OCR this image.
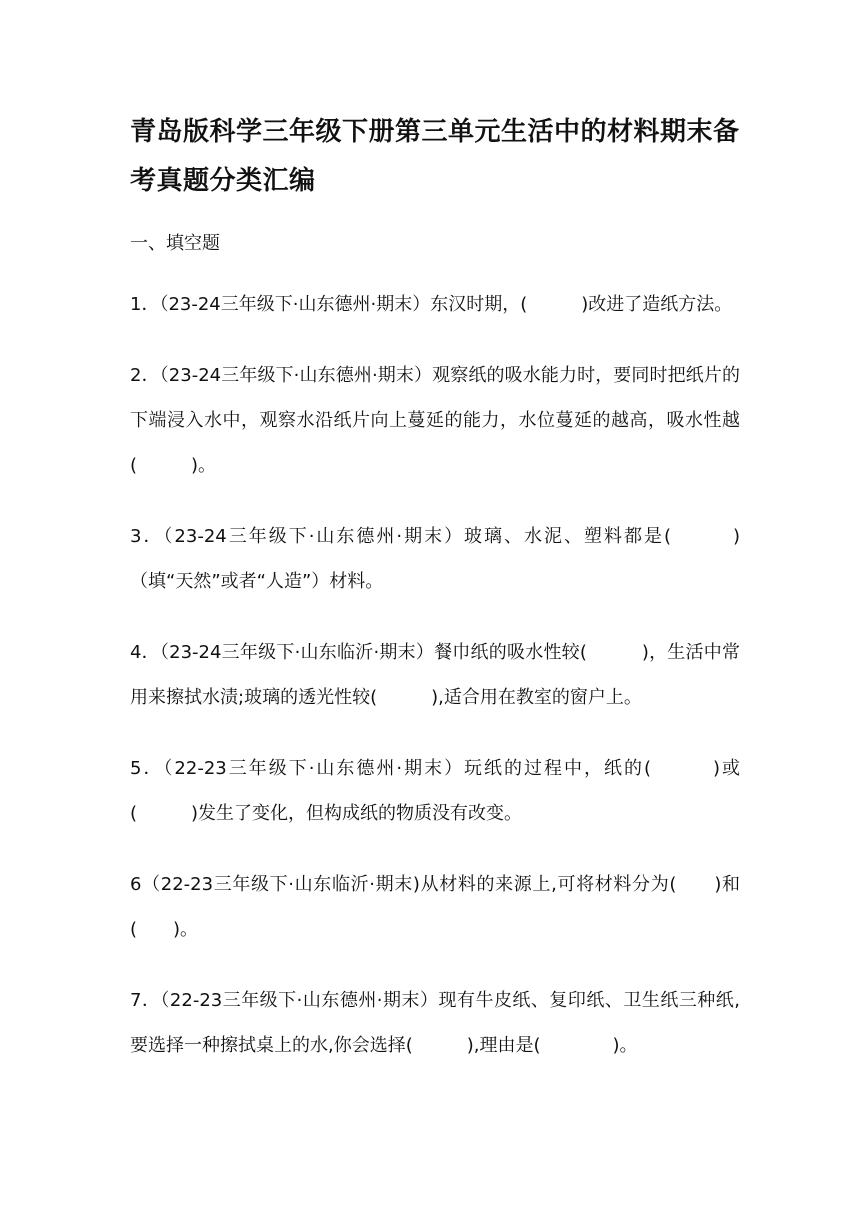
青岛版科学三年级下册第三单元生活中的材料期末备考真题分类汇编
一、填空题
1．（23-24三年级下·山东德州·期末）东汉时期，(　　　)改进了造纸方法。
2．（23-24三年级下·山东德州·期末）观察纸的吸水能力时，要同时把纸片的下端浸入水中，观察水沿纸片向上蔓延的能力，水位蔓延的越高，吸水性越(　　　)。
3．（23-24三年级下·山东德州·期末）玻璃、水泥、塑料都是(　　　)（填“天然”或者“人造”）材料。
4．（23-24三年级下·山东临沂·期末）餐巾纸的吸水性较(　　　)，生活中常用来擦拭水渍;玻璃的透光性较(　　　),适合用在教室的窗户上。
5．（22-23三年级下·山东德州·期末）玩纸的过程中，纸的(　　　)或(　　　)发生了变化，但构成纸的物质没有改变。
6（22-23三年级下·山东临沂·期末)从材料的来源上,可将材料分为(　　)和(　　)。
7．（22-23三年级下·山东德州·期末）现有牛皮纸、复印纸、卫生纸三种纸,要选择一种擦拭桌上的水,你会选择(　　　),理由是(　　　　)。
